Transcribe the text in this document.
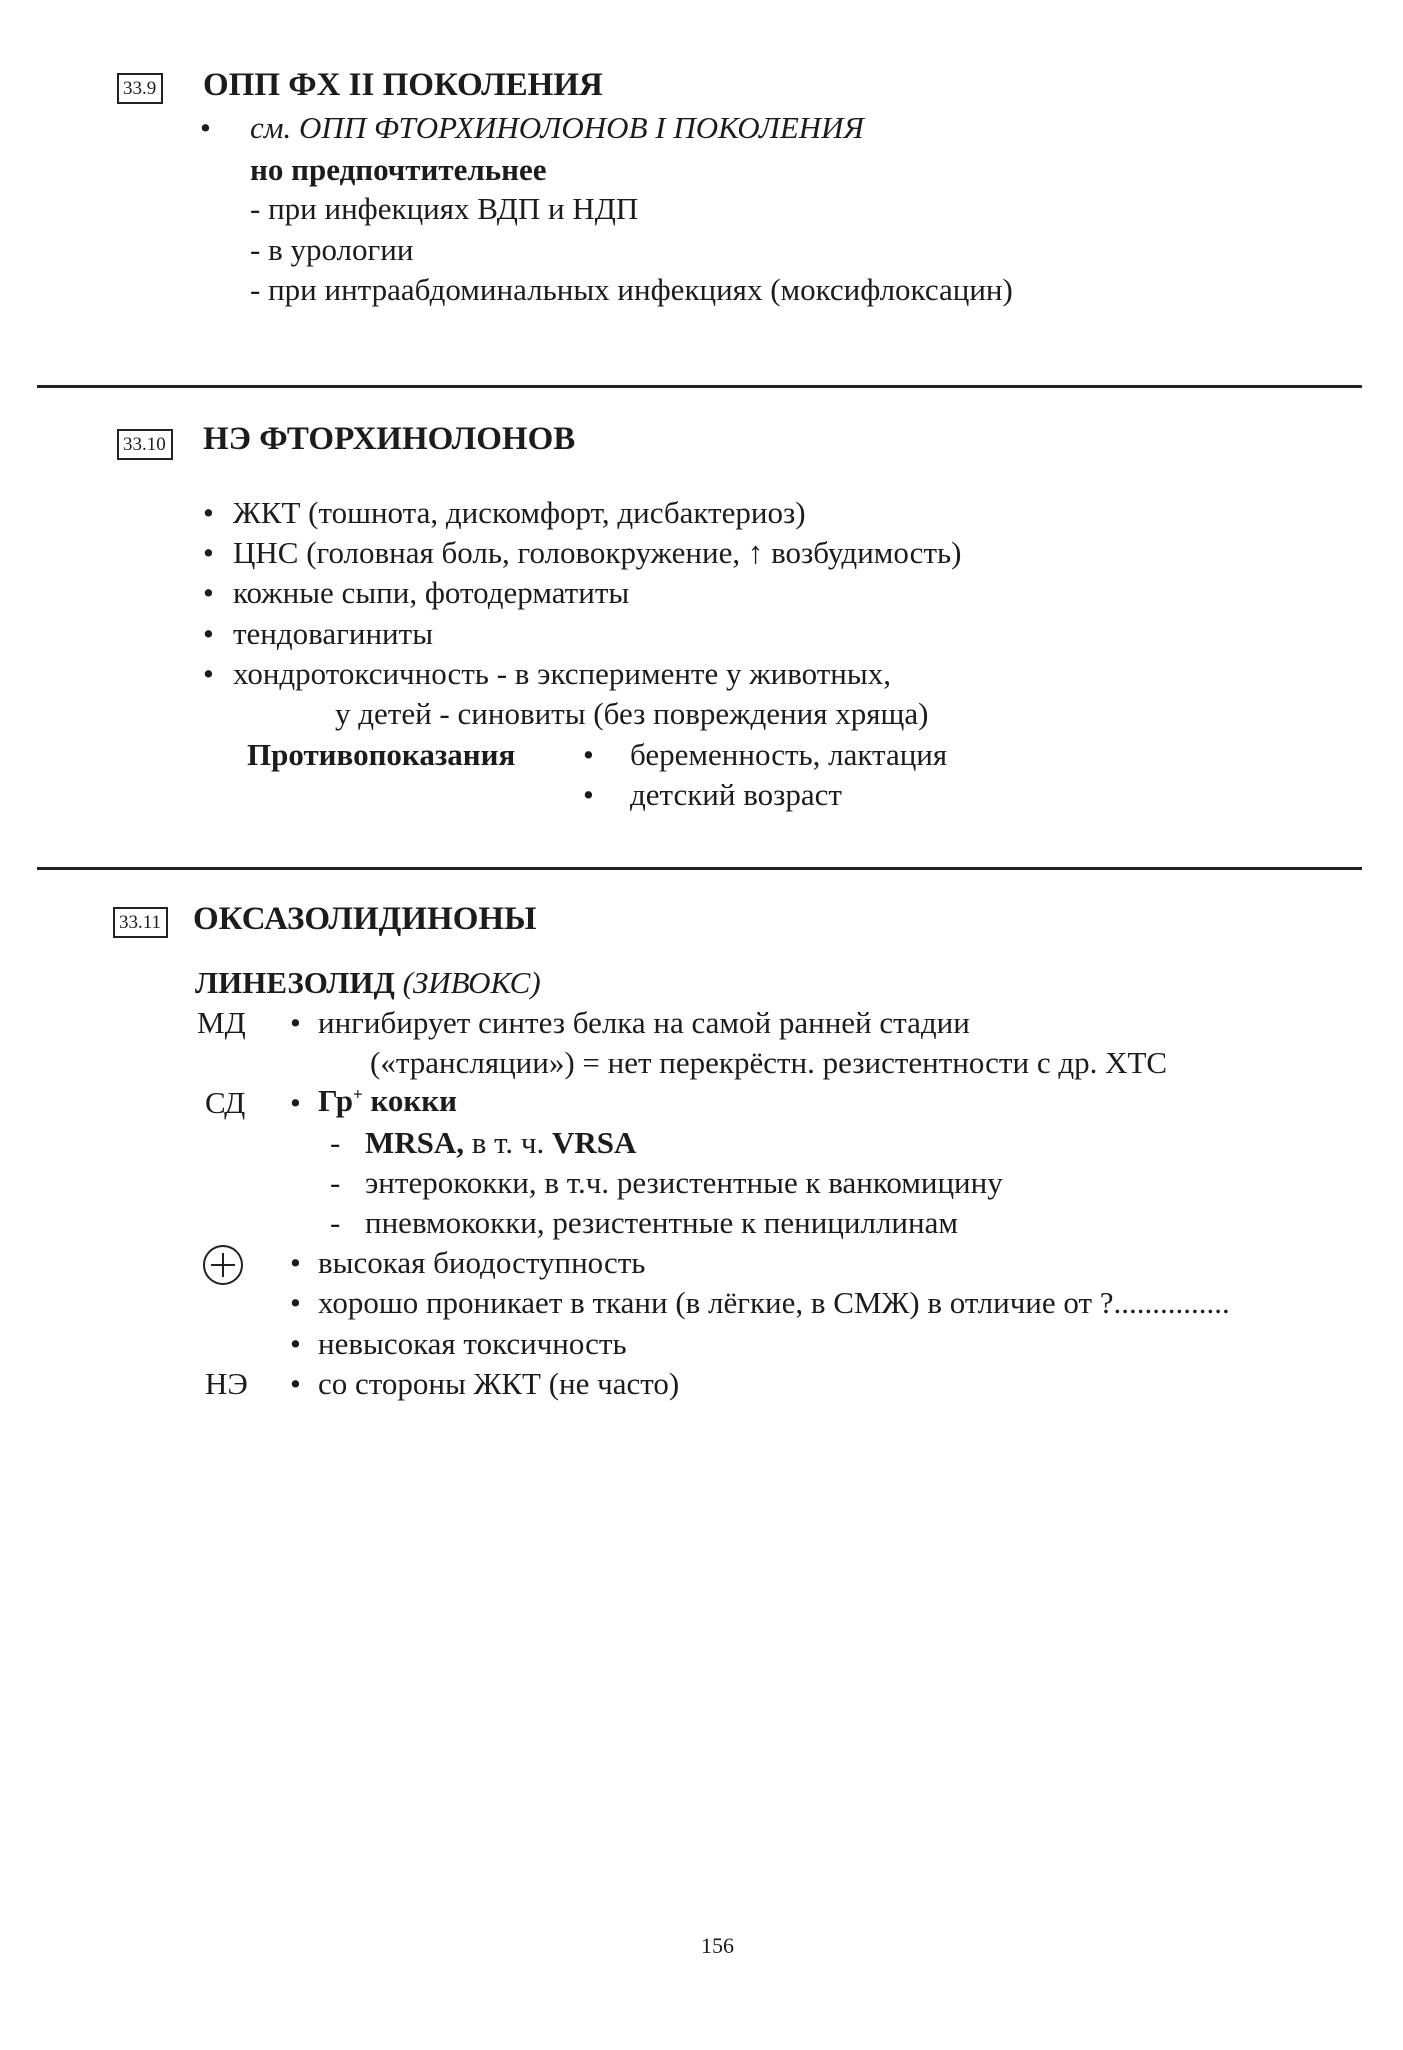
33.9 ОПП ФХ II ПОКОЛЕНИЯ
• см. ОПП ФТОРХИНОЛОНОВ I ПОКОЛЕНИЯ
но предпочтительнее
- при инфекциях ВДП и НДП
- в урологии
- при интраабдоминальных инфекциях (моксифлоксацин)
33.10 НЭ ФТОРХИНОЛОНОВ
• ЖКТ (тошнота, дискомфорт, дисбактериоз)
• ЦНС (головная боль, головокружение, ↑ возбудимость)
• кожные сыпи, фотодерматиты
• тендовагиниты
• хондротоксичность - в эксперименте у животных,
у детей - синовиты (без повреждения хряща)
Противопоказания • беременность, лактация
• детский возраст
33.11 ОКСАЗОЛИДИНОНЫ
ЛИНЕЗОЛИД (ЗИВОКС)
МД • ингибирует синтез белка на самой ранней стадии
(«трансляции») = нет перекрёстн. резистентности с др. ХТС
СД • Гр+ кокки
- MRSA, в т. ч. VRSA
- энтерококки, в т.ч. резистентные к ванкомицину
- пневмококки, резистентные к пенициллинам
• высокая биодоступность
• хорошо проникает в ткани (в лёгкие, в СМЖ) в отличие от ?...............
• невысокая токсичность
НЭ • со стороны ЖКТ (не часто)
156
